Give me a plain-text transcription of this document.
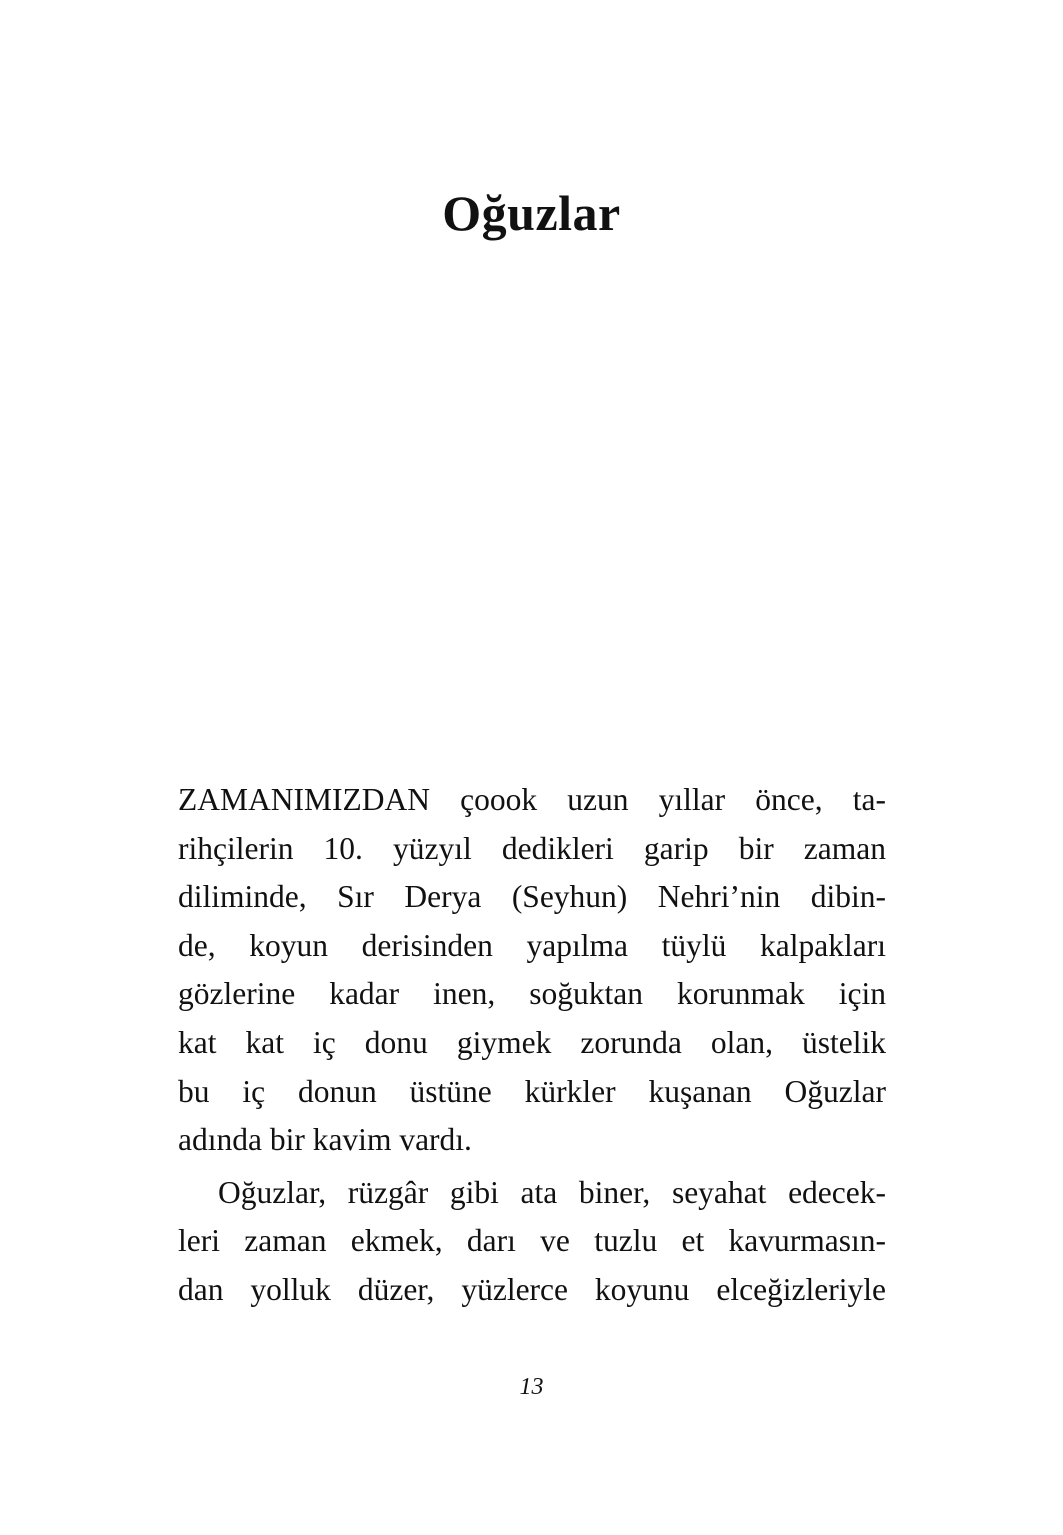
Oğuzlar

ZAMANIMIZDAN çoook uzun yıllar önce, ta-
rihçilerin 10. yüzyıl dedikleri garip bir zaman
diliminde, Sır Derya (Seyhun) Nehri’nin dibin-
de, koyun derisinden yapılma tüylü kalpakları
gözlerine kadar inen, soğuktan korunmak için
kat kat iç donu giymek zorunda olan, üstelik
bu iç donun üstüne kürkler kuşanan Oğuzlar
adında bir kavim vardı.

Oğuzlar, rüzgâr gibi ata biner, seyahat edecek-
leri zaman ekmek, darı ve tuzlu et kavurmasın-
dan yolluk düzer, yüzlerce koyunu elceğizleriyle

13
